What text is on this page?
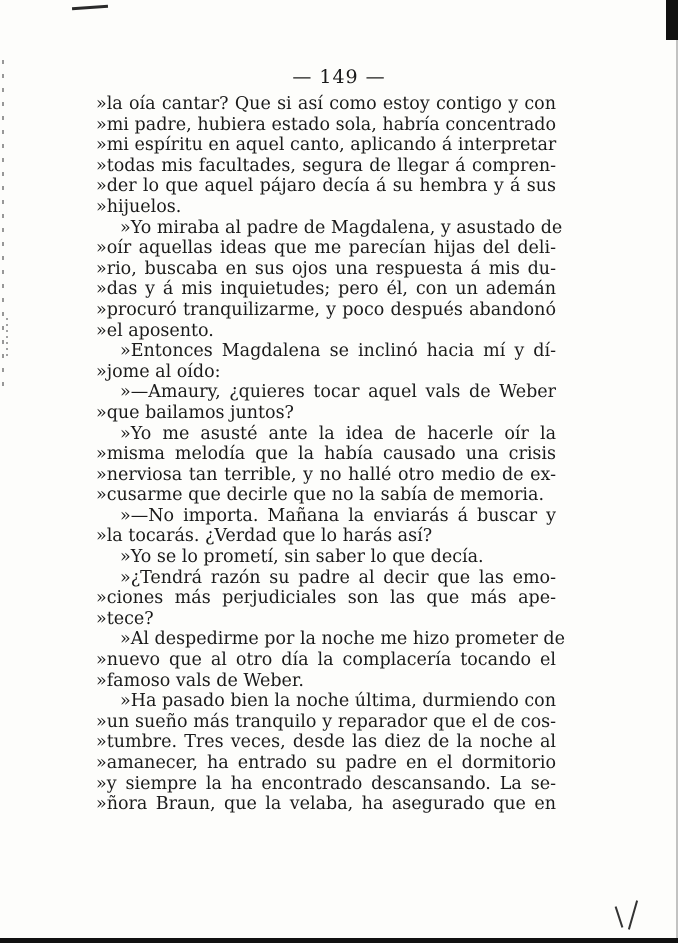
— 149 —
»la oía cantar? Que si así como estoy contigo y con
»mi padre, hubiera estado sola, habría concentrado
»mi espíritu en aquel canto, aplicando á interpretar
»todas mis facultades, segura de llegar á compren-
»der lo que aquel pájaro decía á su hembra y á sus
»hijuelos.
»Yo miraba al padre de Magdalena, y asustado de
»oír aquellas ideas que me parecían hijas del deli-
»rio, buscaba en sus ojos una respuesta á mis du-
»das y á mis inquietudes; pero él, con un ademán
»procuró tranquilizarme, y poco después abandonó
»el aposento.
»Entonces Magdalena se inclinó hacia mí y dí-
»jome al oído:
»—Amaury, ¿quieres tocar aquel vals de Weber
»que bailamos juntos?
»Yo me asusté ante la idea de hacerle oír la
»misma melodía que la había causado una crisis
»nerviosa tan terrible, y no hallé otro medio de ex-
»cusarme que decirle que no la sabía de memoria.
»—No importa. Mañana la enviarás á buscar y
»la tocarás. ¿Verdad que lo harás así?
»Yo se lo prometí, sin saber lo que decía.
»¿Tendrá razón su padre al decir que las emo-
»ciones más perjudiciales son las que más ape-
»tece?
»Al despedirme por la noche me hizo prometer de
»nuevo que al otro día la complacería tocando el
»famoso vals de Weber.
»Ha pasado bien la noche última, durmiendo con
»un sueño más tranquilo y reparador que el de cos-
»tumbre. Tres veces, desde las diez de la noche al
»amanecer, ha entrado su padre en el dormitorio
»y siempre la ha encontrado descansando. La se-
»ñora Braun, que la velaba, ha asegurado que en
